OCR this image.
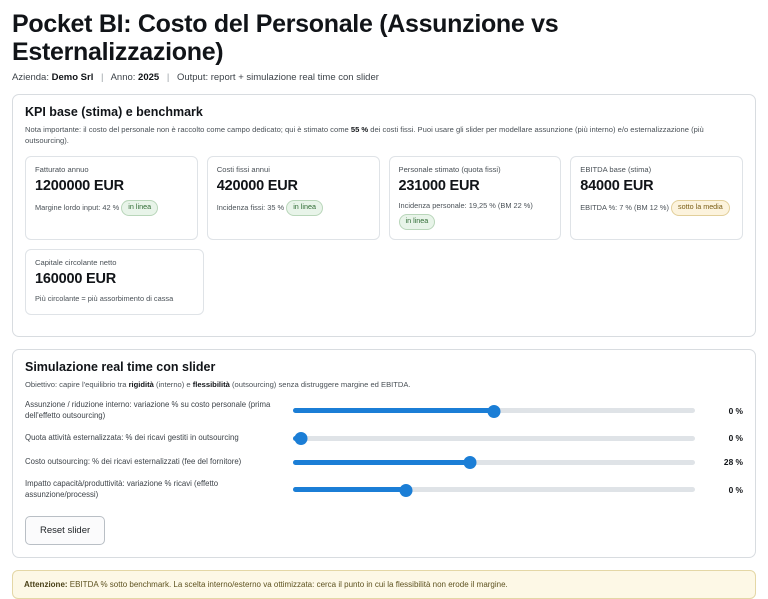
Pocket BI: Costo del Personale (Assunzione vs Esternalizzazione)
Azienda: Demo Srl | Anno: 2025 | Output: report + simulazione real time con slider
KPI base (stima) e benchmark
Nota importante: il costo del personale non è raccolto come campo dedicato; qui è stimato come 55 % dei costi fissi. Puoi usare gli slider per modellare assunzione (più interno) e/o esternalizzazione (più outsourcing).
Fatturato annuo
1200000 EUR
Margine lordo input: 42 % in linea
Costi fissi annui
420000 EUR
Incidenza fissi: 35 % in linea
Personale stimato (quota fissi)
231000 EUR
Incidenza personale: 19,25 % (BM 22 %)
in linea
EBITDA base (stima)
84000 EUR
EBITDA %: 7 % (BM 12 %) sotto la media
Capitale circolante netto
160000 EUR
Più circolante = più assorbimento di cassa
Simulazione real time con slider
Obiettivo: capire l'equilibrio tra rigidità (interno) e flessibilità (outsourcing) senza distruggere margine ed EBITDA.
Assunzione / riduzione interno: variazione % su costo personale (prima dell'effetto outsourcing)	0 %
Quota attività esternalizzata: % dei ricavi gestiti in outsourcing	0 %
Costo outsourcing: % dei ricavi esternalizzati (fee del fornitore)	28 %
Impatto capacità/produttività: variazione % ricavi (effetto assunzione/processi)	0 %
Reset slider
Attenzione: EBITDA % sotto benchmark. La scelta interno/esterno va ottimizzata: cerca il punto in cui la flessibilità non erode il margine.
